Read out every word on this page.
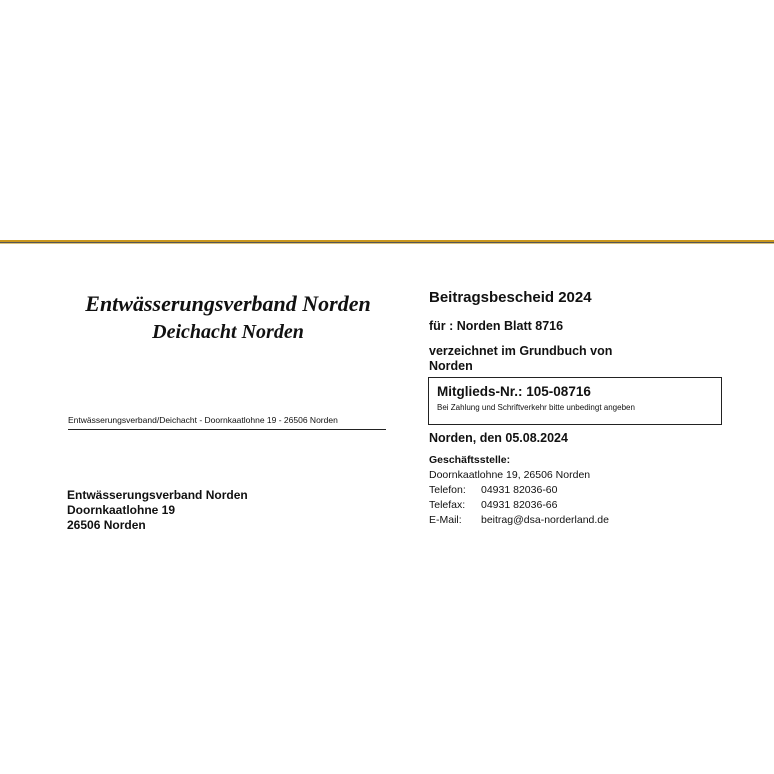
Entwässerungsverband Norden
Deichacht Norden
Entwässerungsverband/Deichacht - Doornkaatlohne 19 - 26506 Norden
Entwässerungsverband Norden
Doornkaatlohne 19
26506 Norden
Beitragsbescheid 2024
für : Norden Blatt 8716
verzeichnet im Grundbuch von Norden
Mitglieds-Nr.: 105-08716
Bei Zahlung und Schriftverkehr bitte unbedingt angeben
Norden, den 05.08.2024
Geschäftsstelle:
Doornkaatlohne 19, 26506 Norden
Telefon: 04931 82036-60
Telefax: 04931 82036-66
E-Mail: beitrag@dsa-norderland.de
